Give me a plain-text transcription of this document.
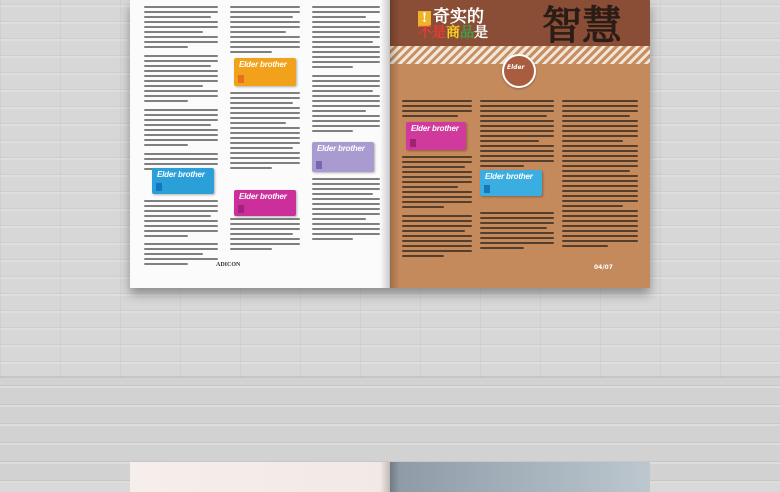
Elder brother
Elder brother
Elder brother
Elder brother
ADICON
! 奇实的
不是商品是 智慧
Elder
Elder brother
Elder brother
04/07
